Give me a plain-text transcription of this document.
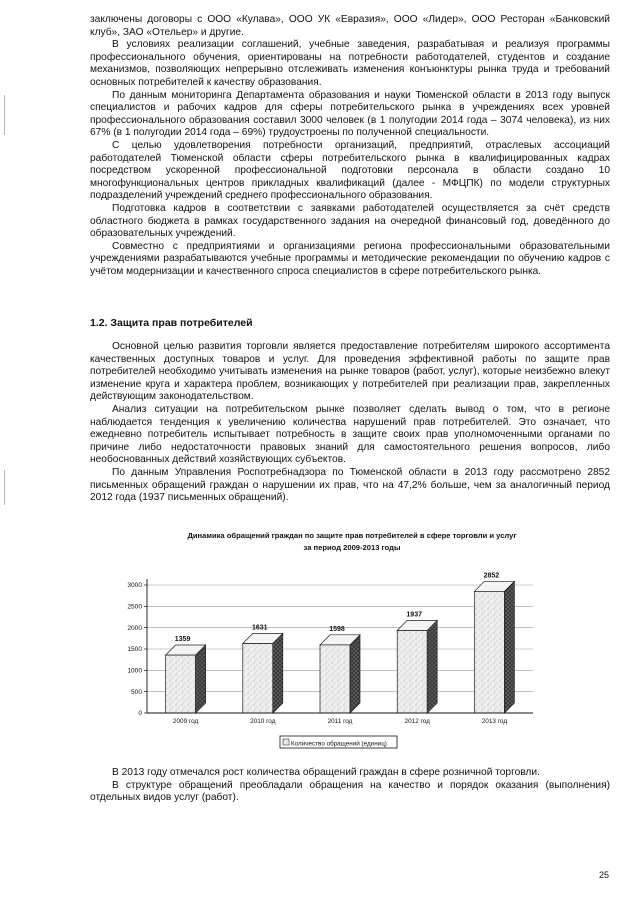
заключены договоры с ООО «Кулава», ООО УК «Евразия», ООО «Лидер», ООО Ресторан «Банковский клуб», ЗАО «Отельер» и другие.

В условиях реализации соглашений, учебные заведения, разрабатывая и реализуя программы профессионального обучения, ориентированы на потребности работодателей, студентов и создание механизмов, позволяющих непрерывно отслеживать изменения конъюнктуры рынка труда и требований основных потребителей к качеству образования.

По данным мониторинга Департамента образования и науки Тюменской области в 2013 году выпуск специалистов и рабочих кадров для сферы потребительского рынка в учреждениях всех уровней профессионального образования составил 3000 человек (в 1 полугодии 2014 года – 3074 человека), из них 67% (в 1 полугодии 2014 года – 69%) трудоустроены по полученной специальности.

С целью удовлетворения потребности организаций, предприятий, отраслевых ассоциаций работодателей Тюменской области сферы потребительского рынка в квалифицированных кадрах посредством ускоренной профессиональной подготовки персонала в области создано 10 многофункциональных центров прикладных квалификаций (далее - МФЦПК) по модели структурных подразделений учреждений среднего профессионального образования.

Подготовка кадров в соответствии с заявками работодателей осуществляется за счёт средств областного бюджета в рамках государственного задания на очередной финансовый год, доведённого до образовательных учреждений.

Совместно с предприятиями и организациями региона профессиональными образовательными учреждениями разрабатываются учебные программы и методические рекомендации по обучению кадров с учётом модернизации и качественного спроса специалистов в сфере потребительского рынка.

1.2. Защита прав потребителей

Основной целью развития торговли является предоставление потребителям широкого ассортимента качественных доступных товаров и услуг. Для проведения эффективной работы по защите прав потребителей необходимо учитывать изменения на рынке товаров (работ, услуг), которые неизбежно влекут изменение круга и характера проблем, возникающих у потребителей при реализации прав, закрепленных действующим законодательством.

Анализ ситуации на потребительском рынке позволяет сделать вывод о том, что в регионе наблюдается тенденция к увеличению количества нарушений прав потребителей. Это означает, что ежедневно потребитель испытывает потребность в защите своих прав уполномоченными органами по причине либо недостаточности правовых знаний для самостоятельного решения вопросов, либо необоснованных действий хозяйствующих субъектов.

По данным Управления Роспотребнадзора по Тюменской области в 2013 году рассмотрено 2852 письменных обращений граждан о нарушении их прав, что на 47,2% больше, чем за аналогичный период 2012 года (1937 письменных обращений).

Динамика обращений граждан по защите прав потребителей в сфере торговли и услуг
за период 2009-2013 годы
1359
1631	1598
1937
2852
0
500
1000
1500
2000
2500
3000
2009 год	2010 год	2011 год	2012 год	2013 год
Количество обращений (единиц)

В 2013 году отмечался рост количества обращений граждан в сфере розничной торговли.

В структуре обращений преобладали обращения на качество и порядок оказания (выполнения) отдельных видов услуг (работ).

25
